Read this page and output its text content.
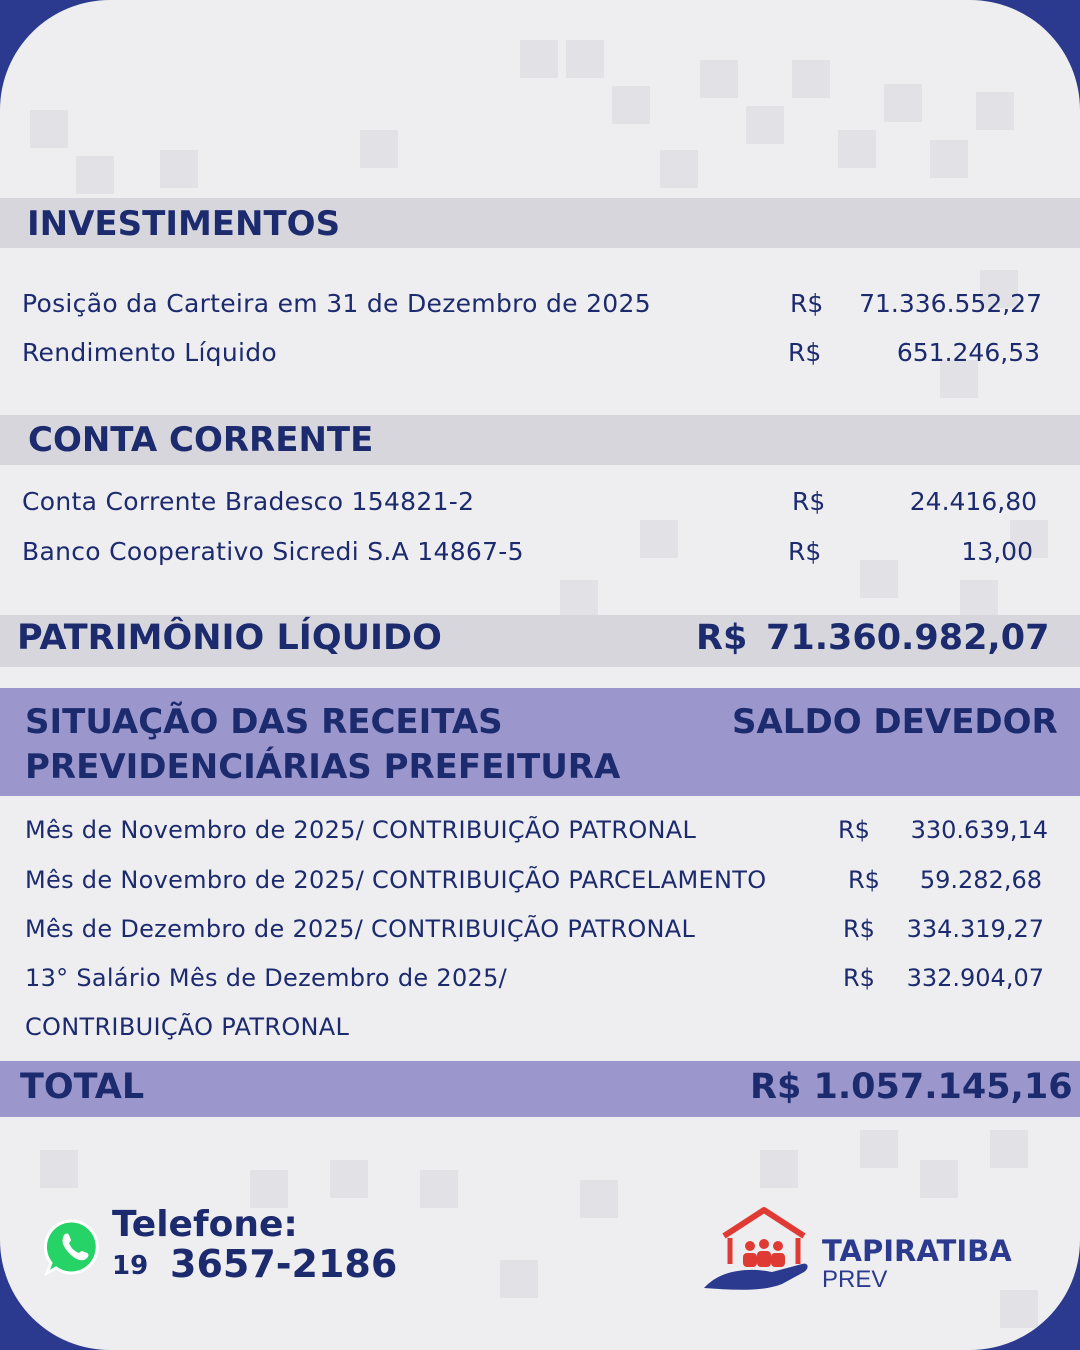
INVESTIMENTOS
Posição da Carteira em 31 de Dezembro de 2025	R$	71.336.552,27
Rendimento Líquido	R$	651.246,53
CONTA CORRENTE
Conta Corrente Bradesco 154821-2	R$	24.416,80
Banco Cooperativo Sicredi S.A 14867-5	R$	13,00
PATRIMÔNIO LÍQUIDO	R$ 71.360.982,07
SITUAÇÃO DAS RECEITAS
PREVIDENCIÁRIAS PREFEITURA
SALDO DEVEDOR
Mês de Novembro de 2025/ CONTRIBUIÇÃO PATRONAL	R$	330.639,14
Mês de Novembro de 2025/ CONTRIBUIÇÃO PARCELAMENTO	R$	59.282,68
Mês de Dezembro de 2025/ CONTRIBUIÇÃO PATRONAL	R$	334.319,27
13° Salário Mês de Dezembro de 2025/
CONTRIBUIÇÃO PATRONAL
R$	332.904,07
TOTAL	R$ 1.057.145,16
Telefone:
19 3657-2186	TAPIRATIBA
PREV
